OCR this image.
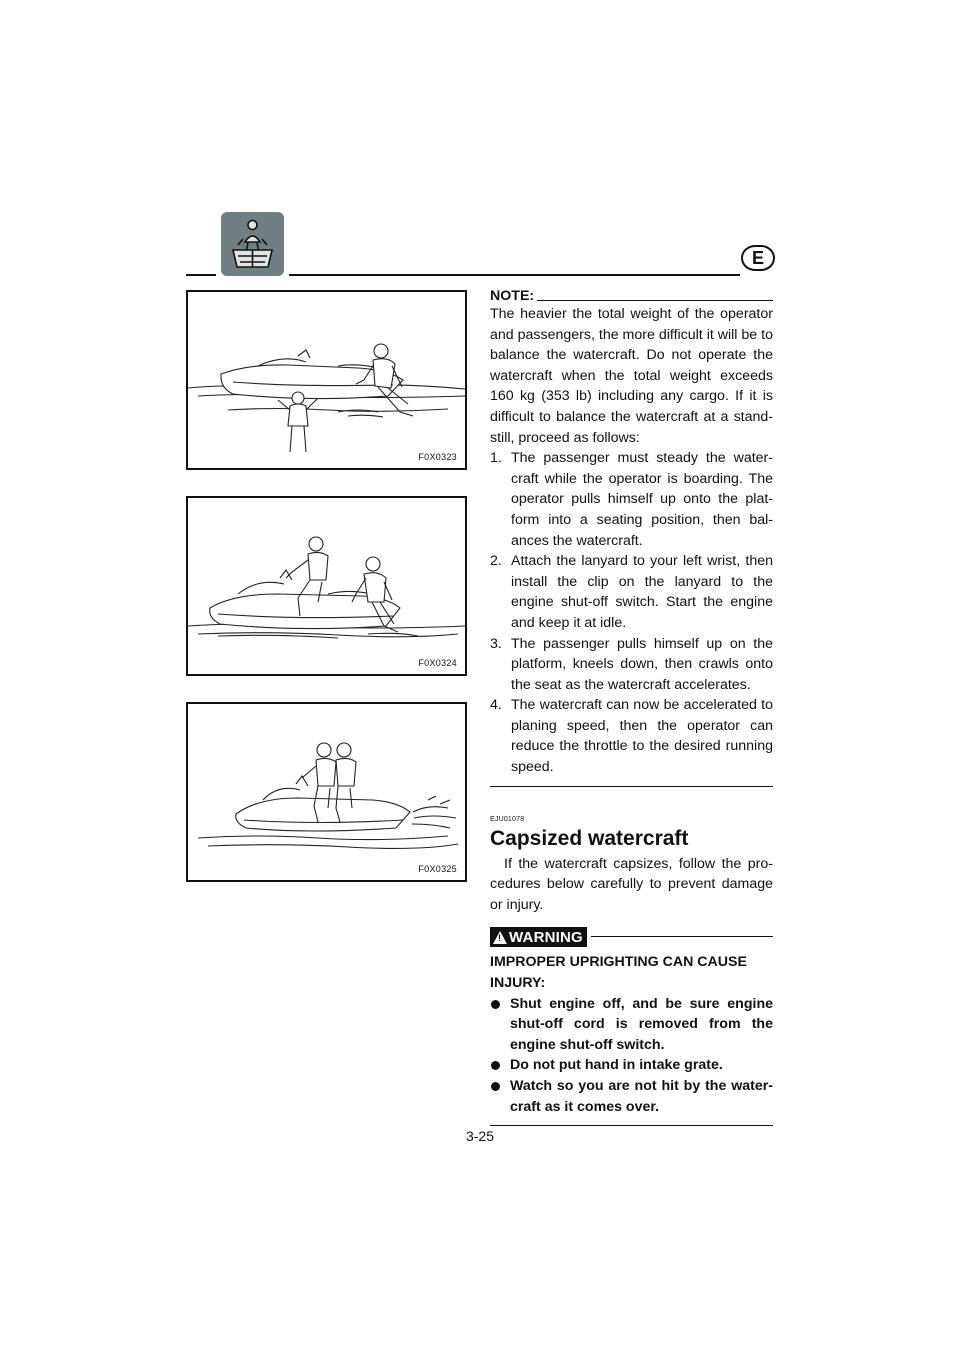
E
F0X0323
F0X0324
F0X0325
NOTE:
The heavier the total weight of the operator and passengers, the more difficult it will be to balance the watercraft. Do not operate the watercraft when the total weight exceeds 160 kg (353 lb) including any cargo. If it is difficult to balance the watercraft at a stand-still, proceed as follows:
1. The passenger must steady the water-craft while the operator is boarding. The operator pulls himself up onto the plat-form into a seating position, then bal-ances the watercraft.
2. Attach the lanyard to your left wrist, then install the clip on the lanyard to the engine shut-off switch. Start the engine and keep it at idle.
3. The passenger pulls himself up on the platform, kneels down, then crawls onto the seat as the watercraft accelerates.
4. The watercraft can now be accelerated to planing speed, then the operator can reduce the throttle to the desired running speed.
EJU01078
Capsized watercraft
If the watercraft capsizes, follow the pro-cedures below carefully to prevent damage or injury.
! WARNING
IMPROPER UPRIGHTING CAN CAUSE INJURY:
Shut engine off, and be sure engine shut-off cord is removed from the engine shut-off switch.
Do not put hand in intake grate.
Watch so you are not hit by the water-craft as it comes over.
3-25
